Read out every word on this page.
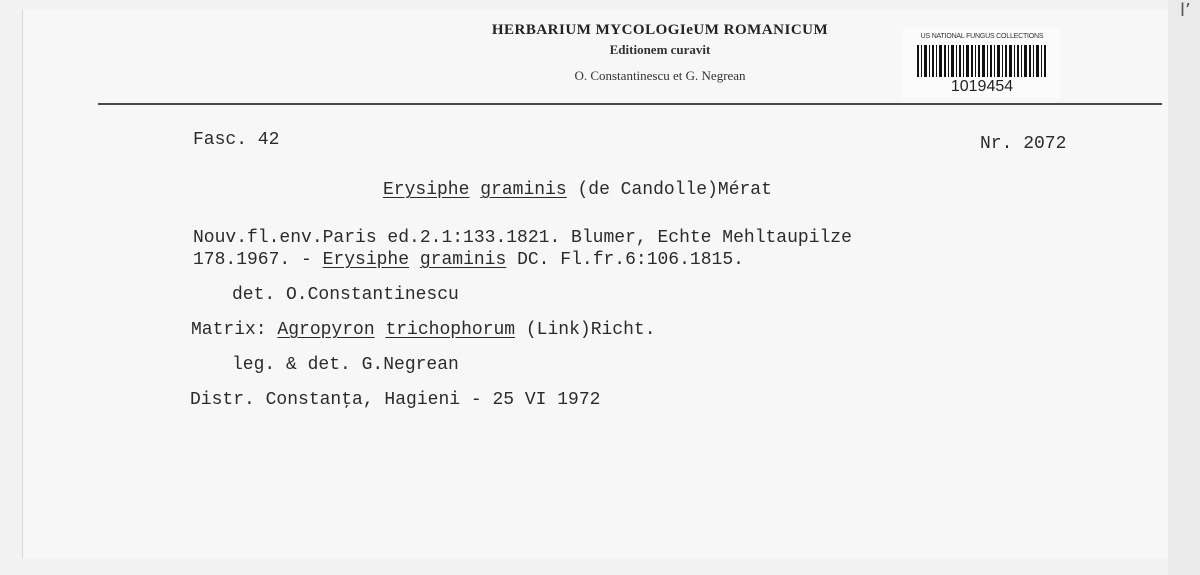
l’
HERBARIUM MYCOLOGIеUM ROMANICUM
Editionem curavit
O. Constantinescu et G. Negrean
US NATIONAL FUNGUS COLLECTIONS
1019454
Fasc. 42	Nr. 2072
Erysiphe graminis (de Candolle)Mérat
Nouv.fl.env.Paris ed.2.1:133.1821. Blumer, Echte Mehltaupilze
178.1967. - Erysiphe graminis DC. Fl.fr.6:106.1815.
det. O.Constantinescu
Matrix: Agropyron trichophorum (Link)Richt.
leg. & det. G.Negrean
Distr. Constanţa, Hagieni - 25 VI 1972
